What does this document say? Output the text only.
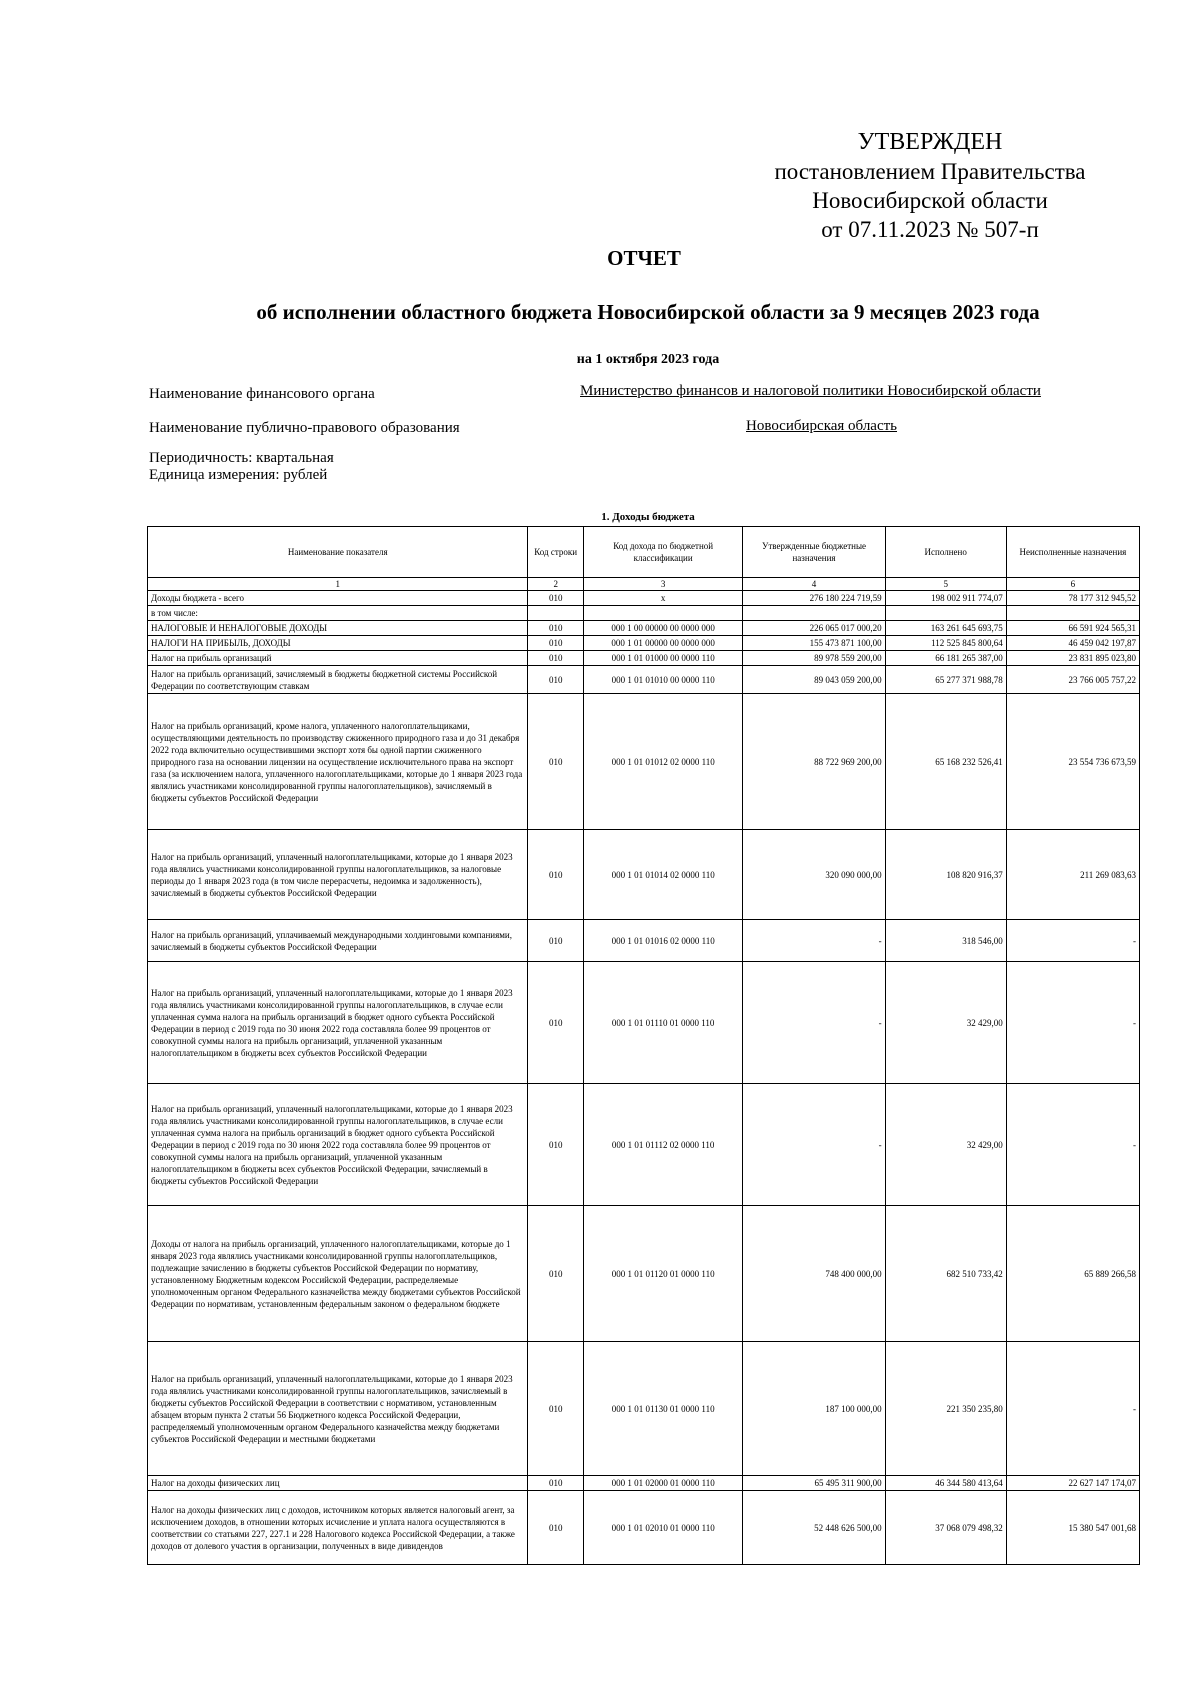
УТВЕРЖДЕН
постановлением Правительства
Новосибирской области
от 07.11.2023 № 507-п
ОТЧЕТ
об исполнении областного бюджета Новосибирской области за 9 месяцев 2023 года
на 1 октября 2023 года
Наименование финансового органа	Министерство финансов и налоговой политики Новосибирской области
Наименование публично-правового образования	Новосибирская область
Периодичность: квартальная
Единица измерения: рублей
1. Доходы бюджета
Наименование показателя	Код строки	Код дохода по бюджетной классификации	Утвержденные бюджетные назначения	Исполнено	Неисполненные назначения
1	2	3	4	5	6
Доходы бюджета - всего	010	x	276 180 224 719,59	198 002 911 774,07	78 177 312 945,52
в том числе:					
НАЛОГОВЫЕ И НЕНАЛОГОВЫЕ ДОХОДЫ	010	000 1 00 00000 00 0000 000	226 065 017 000,20	163 261 645 693,75	66 591 924 565,31
НАЛОГИ НА ПРИБЫЛЬ, ДОХОДЫ	010	000 1 01 00000 00 0000 000	155 473 871 100,00	112 525 845 800,64	46 459 042 197,87
Налог на прибыль организаций	010	000 1 01 01000 00 0000 110	89 978 559 200,00	66 181 265 387,00	23 831 895 023,80
Налог на прибыль организаций, зачисляемый в бюджеты бюджетной системы Российской Федерации по соответствующим ставкам	010	000 1 01 01010 00 0000 110	89 043 059 200,00	65 277 371 988,78	23 766 005 757,22
Налог на прибыль организаций, кроме налога, уплаченного налогоплательщиками, осуществляющими деятельность по производству сжиженного природного газа и до 31 декабря 2022 года включительно осуществившими экспорт хотя бы одной партии сжиженного природного газа на основании лицензии на осуществление исключительного права на экспорт газа (за исключением налога, уплаченного налогоплательщиками, которые до 1 января 2023 года являлись участниками консолидированной группы налогоплательщиков), зачисляемый в бюджеты субъектов Российской Федерации	010	000 1 01 01012 02 0000 110	88 722 969 200,00	65 168 232 526,41	23 554 736 673,59
Налог на прибыль организаций, уплаченный налогоплательщиками, которые до 1 января 2023 года являлись участниками консолидированной группы налогоплательщиков, за налоговые периоды до 1 января 2023 года (в том числе перерасчеты, недоимка и задолженность), зачисляемый в бюджеты субъектов Российской Федерации	010	000 1 01 01014 02 0000 110	320 090 000,00	108 820 916,37	211 269 083,63
Налог на прибыль организаций, уплачиваемый международными холдинговыми компаниями, зачисляемый в бюджеты субъектов Российской Федерации	010	000 1 01 01016 02 0000 110	-	318 546,00	-
Налог на прибыль организаций, уплаченный налогоплательщиками, которые до 1 января 2023 года являлись участниками консолидированной группы налогоплательщиков, в случае если уплаченная сумма налога на прибыль организаций в бюджет одного субъекта Российской Федерации в период с 2019 года по 30 июня 2022 года составляла более 99 процентов от совокупной суммы налога на прибыль организаций, уплаченной указанным налогоплательщиком в бюджеты всех субъектов Российской Федерации	010	000 1 01 01110 01 0000 110	-	32 429,00	-
Налог на прибыль организаций, уплаченный налогоплательщиками, которые до 1 января 2023 года являлись участниками консолидированной группы налогоплательщиков, в случае если уплаченная сумма налога на прибыль организаций в бюджет одного субъекта Российской Федерации в период с 2019 года по 30 июня 2022 года составляла более 99 процентов от совокупной суммы налога на прибыль организаций, уплаченной указанным налогоплательщиком в бюджеты всех субъектов Российской Федерации, зачисляемый в бюджеты субъектов Российской Федерации	010	000 1 01 01112 02 0000 110	-	32 429,00	-
Доходы от налога на прибыль организаций, уплаченного налогоплательщиками, которые до 1 января 2023 года являлись участниками консолидированной группы налогоплательщиков, подлежащие зачислению в бюджеты субъектов Российской Федерации по нормативу, установленному Бюджетным кодексом Российской Федерации, распределяемые уполномоченным органом Федерального казначейства между бюджетами субъектов Российской Федерации по нормативам, установленным федеральным законом о федеральном бюджете	010	000 1 01 01120 01 0000 110	748 400 000,00	682 510 733,42	65 889 266,58
Налог на прибыль организаций, уплаченный налогоплательщиками, которые до 1 января 2023 года являлись участниками консолидированной группы налогоплательщиков, зачисляемый в бюджеты субъектов Российской Федерации в соответствии с нормативом, установленным абзацем вторым пункта 2 статьи 56 Бюджетного кодекса Российской Федерации, распределяемый уполномоченным органом Федерального казначейства между бюджетами субъектов Российской Федерации и местными бюджетами	010	000 1 01 01130 01 0000 110	187 100 000,00	221 350 235,80	-
Налог на доходы физических лиц	010	000 1 01 02000 01 0000 110	65 495 311 900,00	46 344 580 413,64	22 627 147 174,07
Налог на доходы физических лиц с доходов, источником которых является налоговый агент, за исключением доходов, в отношении которых исчисление и уплата налога осуществляются в соответствии со статьями 227, 227.1 и 228 Налогового кодекса Российской Федерации, а также доходов от долевого участия в организации, полученных в виде дивидендов	010	000 1 01 02010 01 0000 110	52 448 626 500,00	37 068 079 498,32	15 380 547 001,68
